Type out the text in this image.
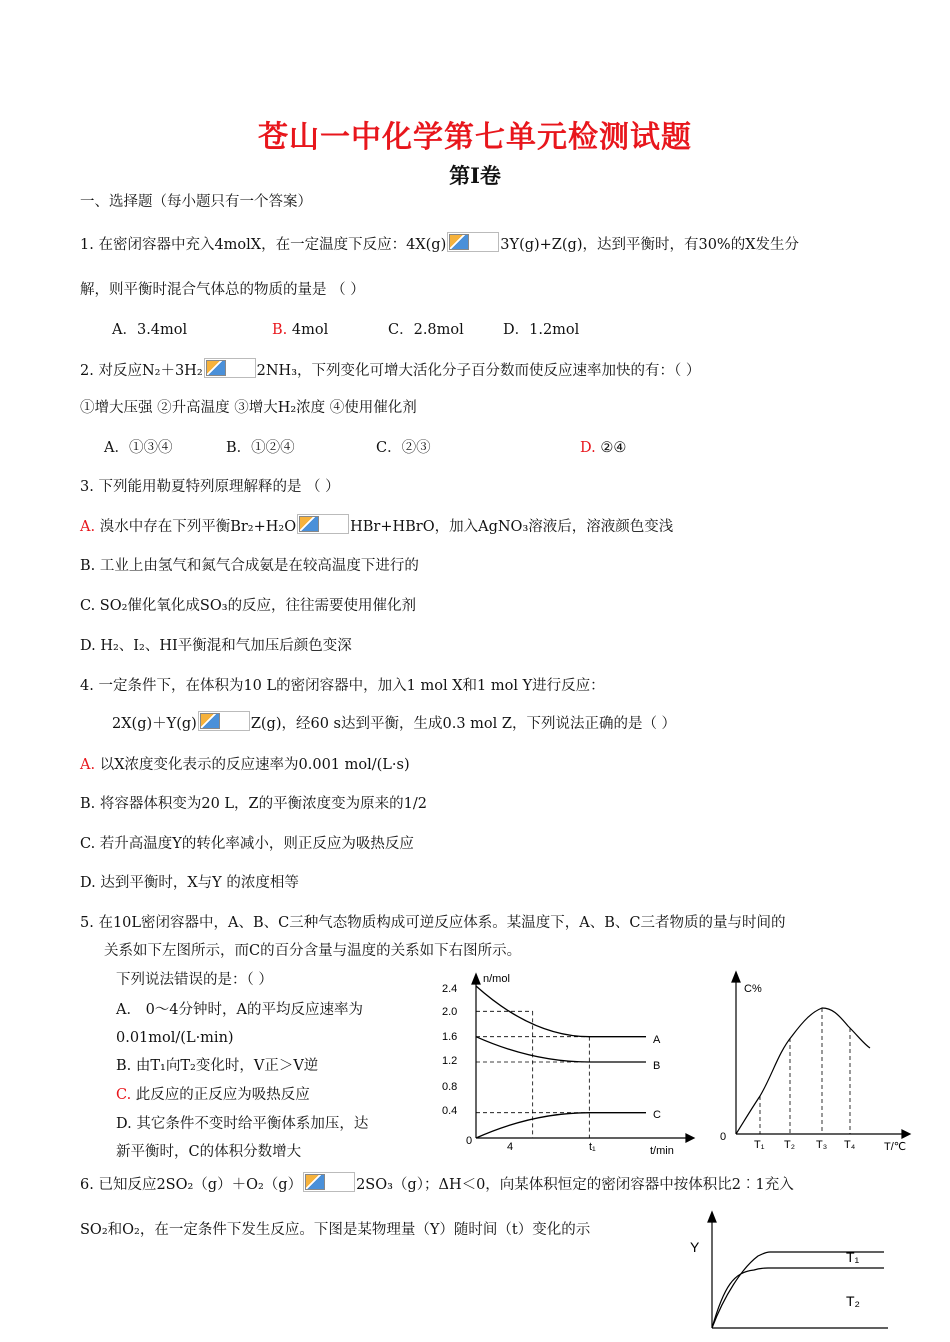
苍山一中化学第七单元检测试题
第I卷
一、选择题（每小题只有一个答案）
1. 在密闭容器中充入4molX，在一定温度下反应：4X(g)	3Y(g)+Z(g)，达到平衡时，有30%的X发生分
解，则平衡时混合气体总的物质的量是 （ ）
A．3.4mol	B. 4mol	C．2.8mol	D．1.2mol
2. 对反应N₂＋3H₂	2NH₃，下列变化可增大活化分子百分数而使反应速率加快的有：（ ）
①增大压强 ②升高温度 ③增大H₂浓度 ④使用催化剂
A．①③④	B．①②④	C．②③	D. ②④
3. 下列能用勒夏特列原理解释的是 （ ）
A. 溴水中存在下列平衡Br₂+H₂O	HBr+HBrO，加入AgNO₃溶液后，溶液颜色变浅
B. 工业上由氢气和氮气合成氨是在较高温度下进行的
C. SO₂催化氧化成SO₃的反应，往往需要使用催化剂
D. H₂、I₂、HI平衡混和气加压后颜色变深
4. 一定条件下，在体积为10 L的密闭容器中，加入1 mol X和1 mol Y进行反应：
2X(g)＋Y(g)	Z(g)，经60 s达到平衡，生成0.3 mol Z，下列说法正确的是（ ）
A. 以X浓度变化表示的反应速率为0.001 mol/(L·s)
B. 将容器体积变为20 L，Z的平衡浓度变为原来的1/2
C. 若升高温度Y的转化率减小，则正反应为吸热反应
D. 达到平衡时，X与Y 的浓度相等
5. 在10L密闭容器中，A、B、C三种气态物质构成可逆反应体系。某温度下，A、B、C三者物质的量与时间的
关系如下左图所示，而C的百分含量与温度的关系如下右图所示。
下列说法错误的是：（ ）
A． 0～4分钟时，A的平均反应速率为
0.01mol/(L·min)
B. 由T₁向T₂变化时，V正＞V逆
C. 此反应的正反应为吸热反应
D. 其它条件不变时给平衡体系加压，达
新平衡时，C的体积分数增大
6. 已知反应2SO₂（g）＋O₂（g）	2SO₃（g）；ΔH＜0，向某体积恒定的密闭容器中按体积比2︰1充入
SO₂和O₂，在一定条件下发生反应。下图是某物理量（Y）随时间（t）变化的示
n/mol
t/min
2.4
2.0
1.6
1.2
0.8
0.4
0	4	t₁
A
B
C
C%
0
T₁ T₂ T₃ T₄	T/℃
Y
T₁
T₂
